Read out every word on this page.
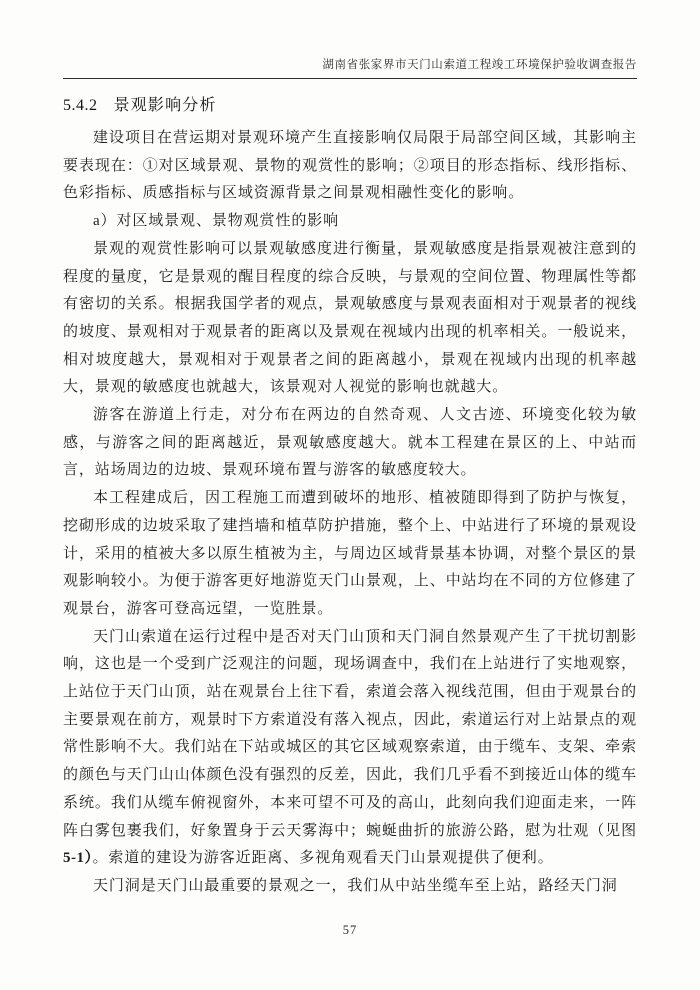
湖南省张家界市天门山索道工程竣工环境保护验收调查报告
5.4.2 景观影响分析

建设项目在营运期对景观环境产生直接影响仅局限于局部空间区域，其影响主要表现在：①对区域景观、景物的观赏性的影响；②项目的形态指标、线形指标、色彩指标、质感指标与区域资源背景之间景观相融性变化的影响。

a）对区域景观、景物观赏性的影响

景观的观赏性影响可以景观敏感度进行衡量，景观敏感度是指景观被注意到的程度的量度，它是景观的醒目程度的综合反映，与景观的空间位置、物理属性等都有密切的关系。根据我国学者的观点，景观敏感度与景观表面相对于观景者的视线的坡度、景观相对于观景者的距离以及景观在视域内出现的机率相关。一般说来，相对坡度越大，景观相对于观景者之间的距离越小，景观在视域内出现的机率越大，景观的敏感度也就越大，该景观对人视觉的影响也就越大。

游客在游道上行走，对分布在两边的自然奇观、人文古迹、环境变化较为敏感，与游客之间的距离越近，景观敏感度越大。就本工程建在景区的上、中站而言，站场周边的边坡、景观环境布置与游客的敏感度较大。

本工程建成后，因工程施工而遭到破坏的地形、植被随即得到了防护与恢复，挖砌形成的边坡采取了建挡墙和植草防护措施，整个上、中站进行了环境的景观设计，采用的植被大多以原生植被为主，与周边区域背景基本协调，对整个景区的景观影响较小。为便于游客更好地游览天门山景观，上、中站均在不同的方位修建了观景台，游客可登高远望，一览胜景。

天门山索道在运行过程中是否对天门山顶和天门洞自然景观产生了干扰切割影响，这也是一个受到广泛观注的问题，现场调查中，我们在上站进行了实地观察，上站位于天门山顶，站在观景台上往下看，索道会落入视线范围，但由于观景台的主要景观在前方，观景时下方索道没有落入视点，因此，索道运行对上站景点的观常性影响不大。我们站在下站或城区的其它区域观察索道，由于缆车、支架、牵索的颜色与天门山山体颜色没有强烈的反差，因此，我们几乎看不到接近山体的缆车系统。我们从缆车俯视窗外，本来可望不可及的高山，此刻向我们迎面走来，一阵阵白雾包裹我们，好象置身于云天雾海中；蜿蜒曲折的旅游公路，慰为壮观（见图5-1）。索道的建设为游客近距离、多视角观看天门山景观提供了便利。

天门洞是天门山最重要的景观之一，我们从中站坐缆车至上站，路经天门洞

57
